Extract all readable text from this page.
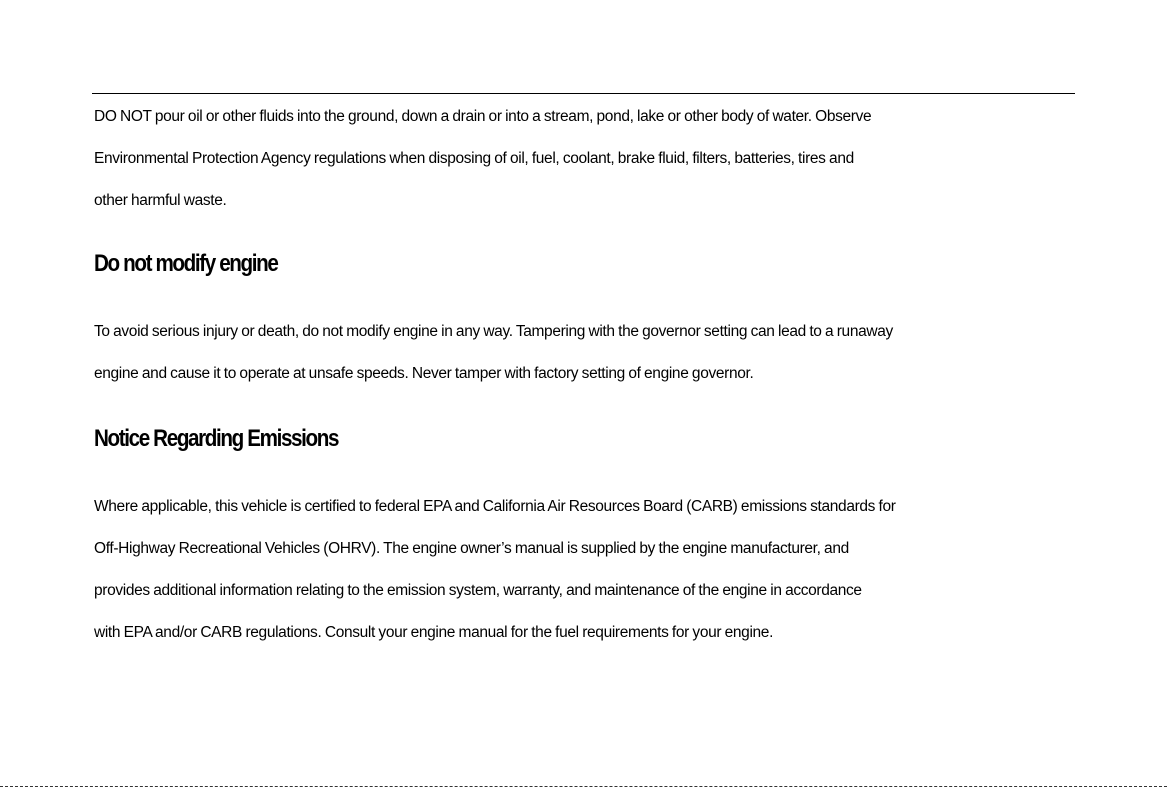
DO NOT pour oil or other fluids into the ground, down a drain or into a stream, pond, lake or other body of water. Observe
Environmental Protection Agency regulations when disposing of oil, fuel, coolant, brake fluid, filters, batteries, tires and
other harmful waste.

Do not modify engine

To avoid serious injury or death, do not modify engine in any way. Tampering with the governor setting can lead to a runaway
engine and cause it to operate at unsafe speeds. Never tamper with factory setting of engine governor.

Notice Regarding Emissions

Where applicable, this vehicle is certified to federal EPA and California Air Resources Board (CARB) emissions standards for
Off-Highway Recreational Vehicles (OHRV). The engine owner’s manual is supplied by the engine manufacturer, and
provides additional information relating to the emission system, warranty, and maintenance of the engine in accordance
with EPA and/or CARB regulations. Consult your engine manual for the fuel requirements for your engine.
